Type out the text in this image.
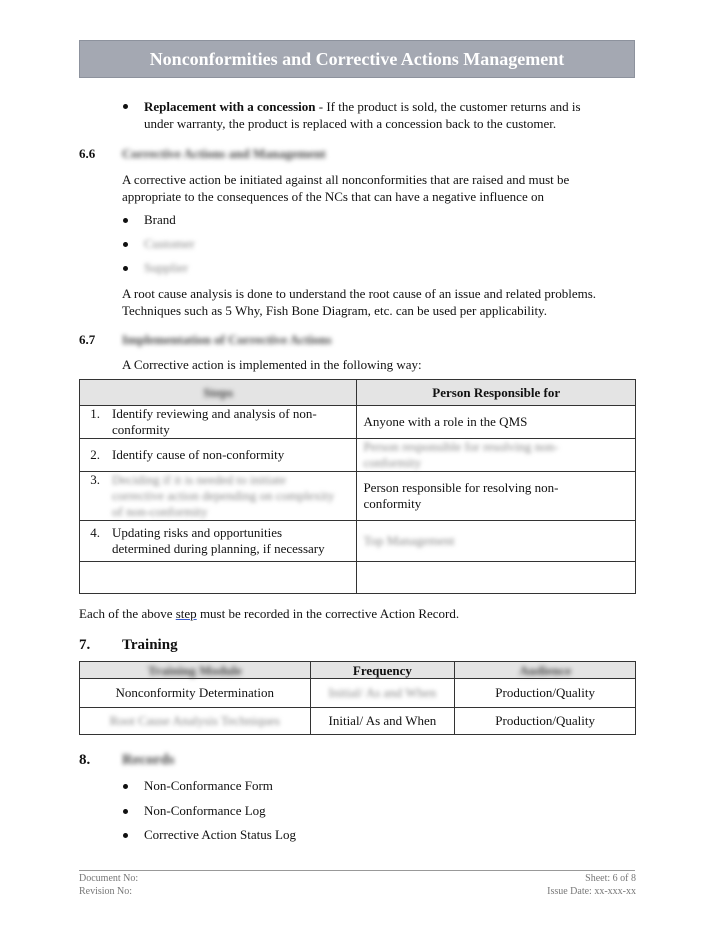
Nonconformities and Corrective Actions Management
Replacement with a concession - If the product is sold, the customer returns and is
under warranty, the product is replaced with a concession back to the customer.
6.6 Corrective Actions and Management
A corrective action be initiated against all nonconformities that are raised and must be
appropriate to the consequences of the NCs that can have a negative influence on
Brand
Customer
Supplier
A root cause analysis is done to understand the root cause of an issue and related problems.
Techniques such as 5 Why, Fish Bone Diagram, etc. can be used per applicability.
6.7 Implementation of Corrective Actions
A Corrective action is implemented in the following way:
Steps	Person Responsible for
1. Identify reviewing and analysis of non-conformity	Anyone with a role in the QMS
2. Identify cause of non-conformity	Person responsible for resolving non-conformity
3. Deciding if it is needed to initiate corrective action depending on complexity of non-conformity	Person responsible for resolving non-conformity
4. Updating risks and opportunities determined during planning, if necessary	Top Management

Each of the above step must be recorded in the corrective Action Record.
7. Training
Training Module	Frequency	Audience
Nonconformity Determination	Initial/ As and When	Production/Quality
Root Cause Analysis Techniques	Initial/ As and When	Production/Quality
8. Records
Non-Conformance Form
Non-Conformance Log
Corrective Action Status Log
Document No:
Revision No:
Sheet: 6 of 8
Issue Date: xx-xxx-xx
